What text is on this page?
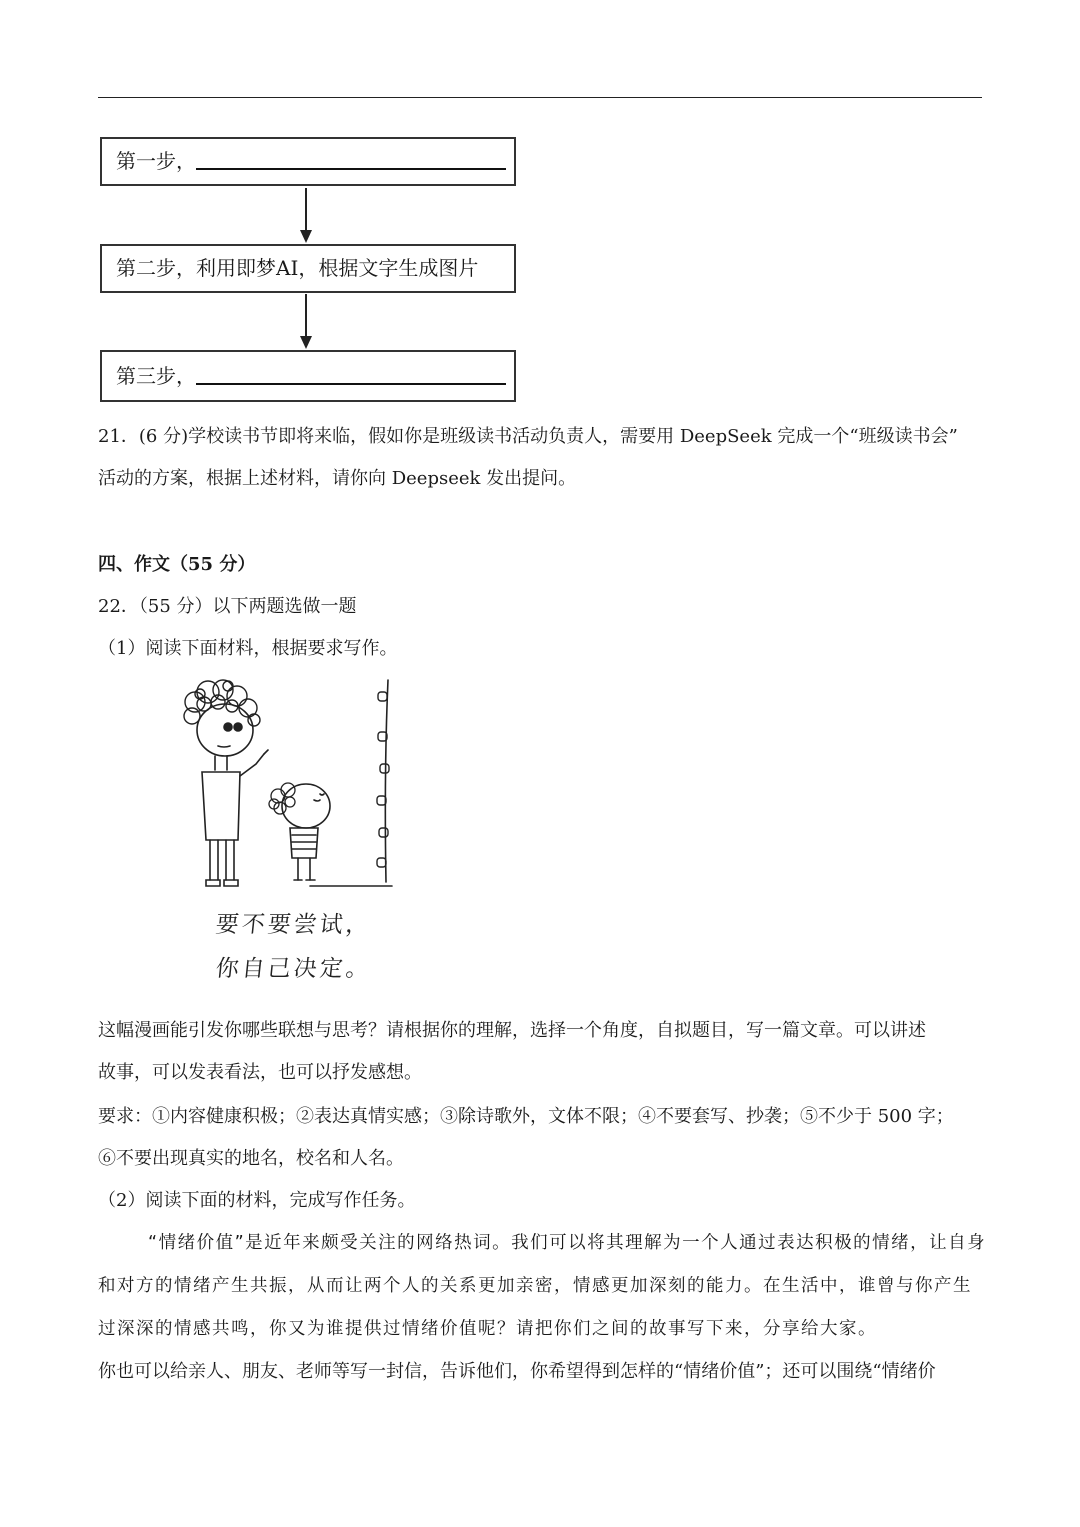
第一步，
第二步，利用即梦AI，根据文字生成图片
第三步，
21．(6 分)学校读书节即将来临，假如你是班级读书活动负责人，需要用 DeepSeek 完成一个“班级读书会”
活动的方案，根据上述材料，请你向 Deepseek 发出提问。
四、作文（55 分）
22．（55 分）以下两题选做一题
（1）阅读下面材料，根据要求写作。
要不要尝试，
你自己决定。
这幅漫画能引发你哪些联想与思考？请根据你的理解，选择一个角度，自拟题目，写一篇文章。可以讲述
故事，可以发表看法，也可以抒发感想。
要求：①内容健康积极；②表达真情实感；③除诗歌外，文体不限；④不要套写、抄袭；⑤不少于 500 字；
⑥不要出现真实的地名，校名和人名。
（2）阅读下面的材料，完成写作任务。
“情绪价值”是近年来颇受关注的网络热词。我们可以将其理解为一个人通过表达积极的情绪，让自身
和对方的情绪产生共振，从而让两个人的关系更加亲密，情感更加深刻的能力。在生活中，谁曾与你产生
过深深的情感共鸣，你又为谁提供过情绪价值呢？请把你们之间的故事写下来，分享给大家。
你也可以给亲人、朋友、老师等写一封信，告诉他们，你希望得到怎样的“情绪价值”；还可以围绕“情绪价
